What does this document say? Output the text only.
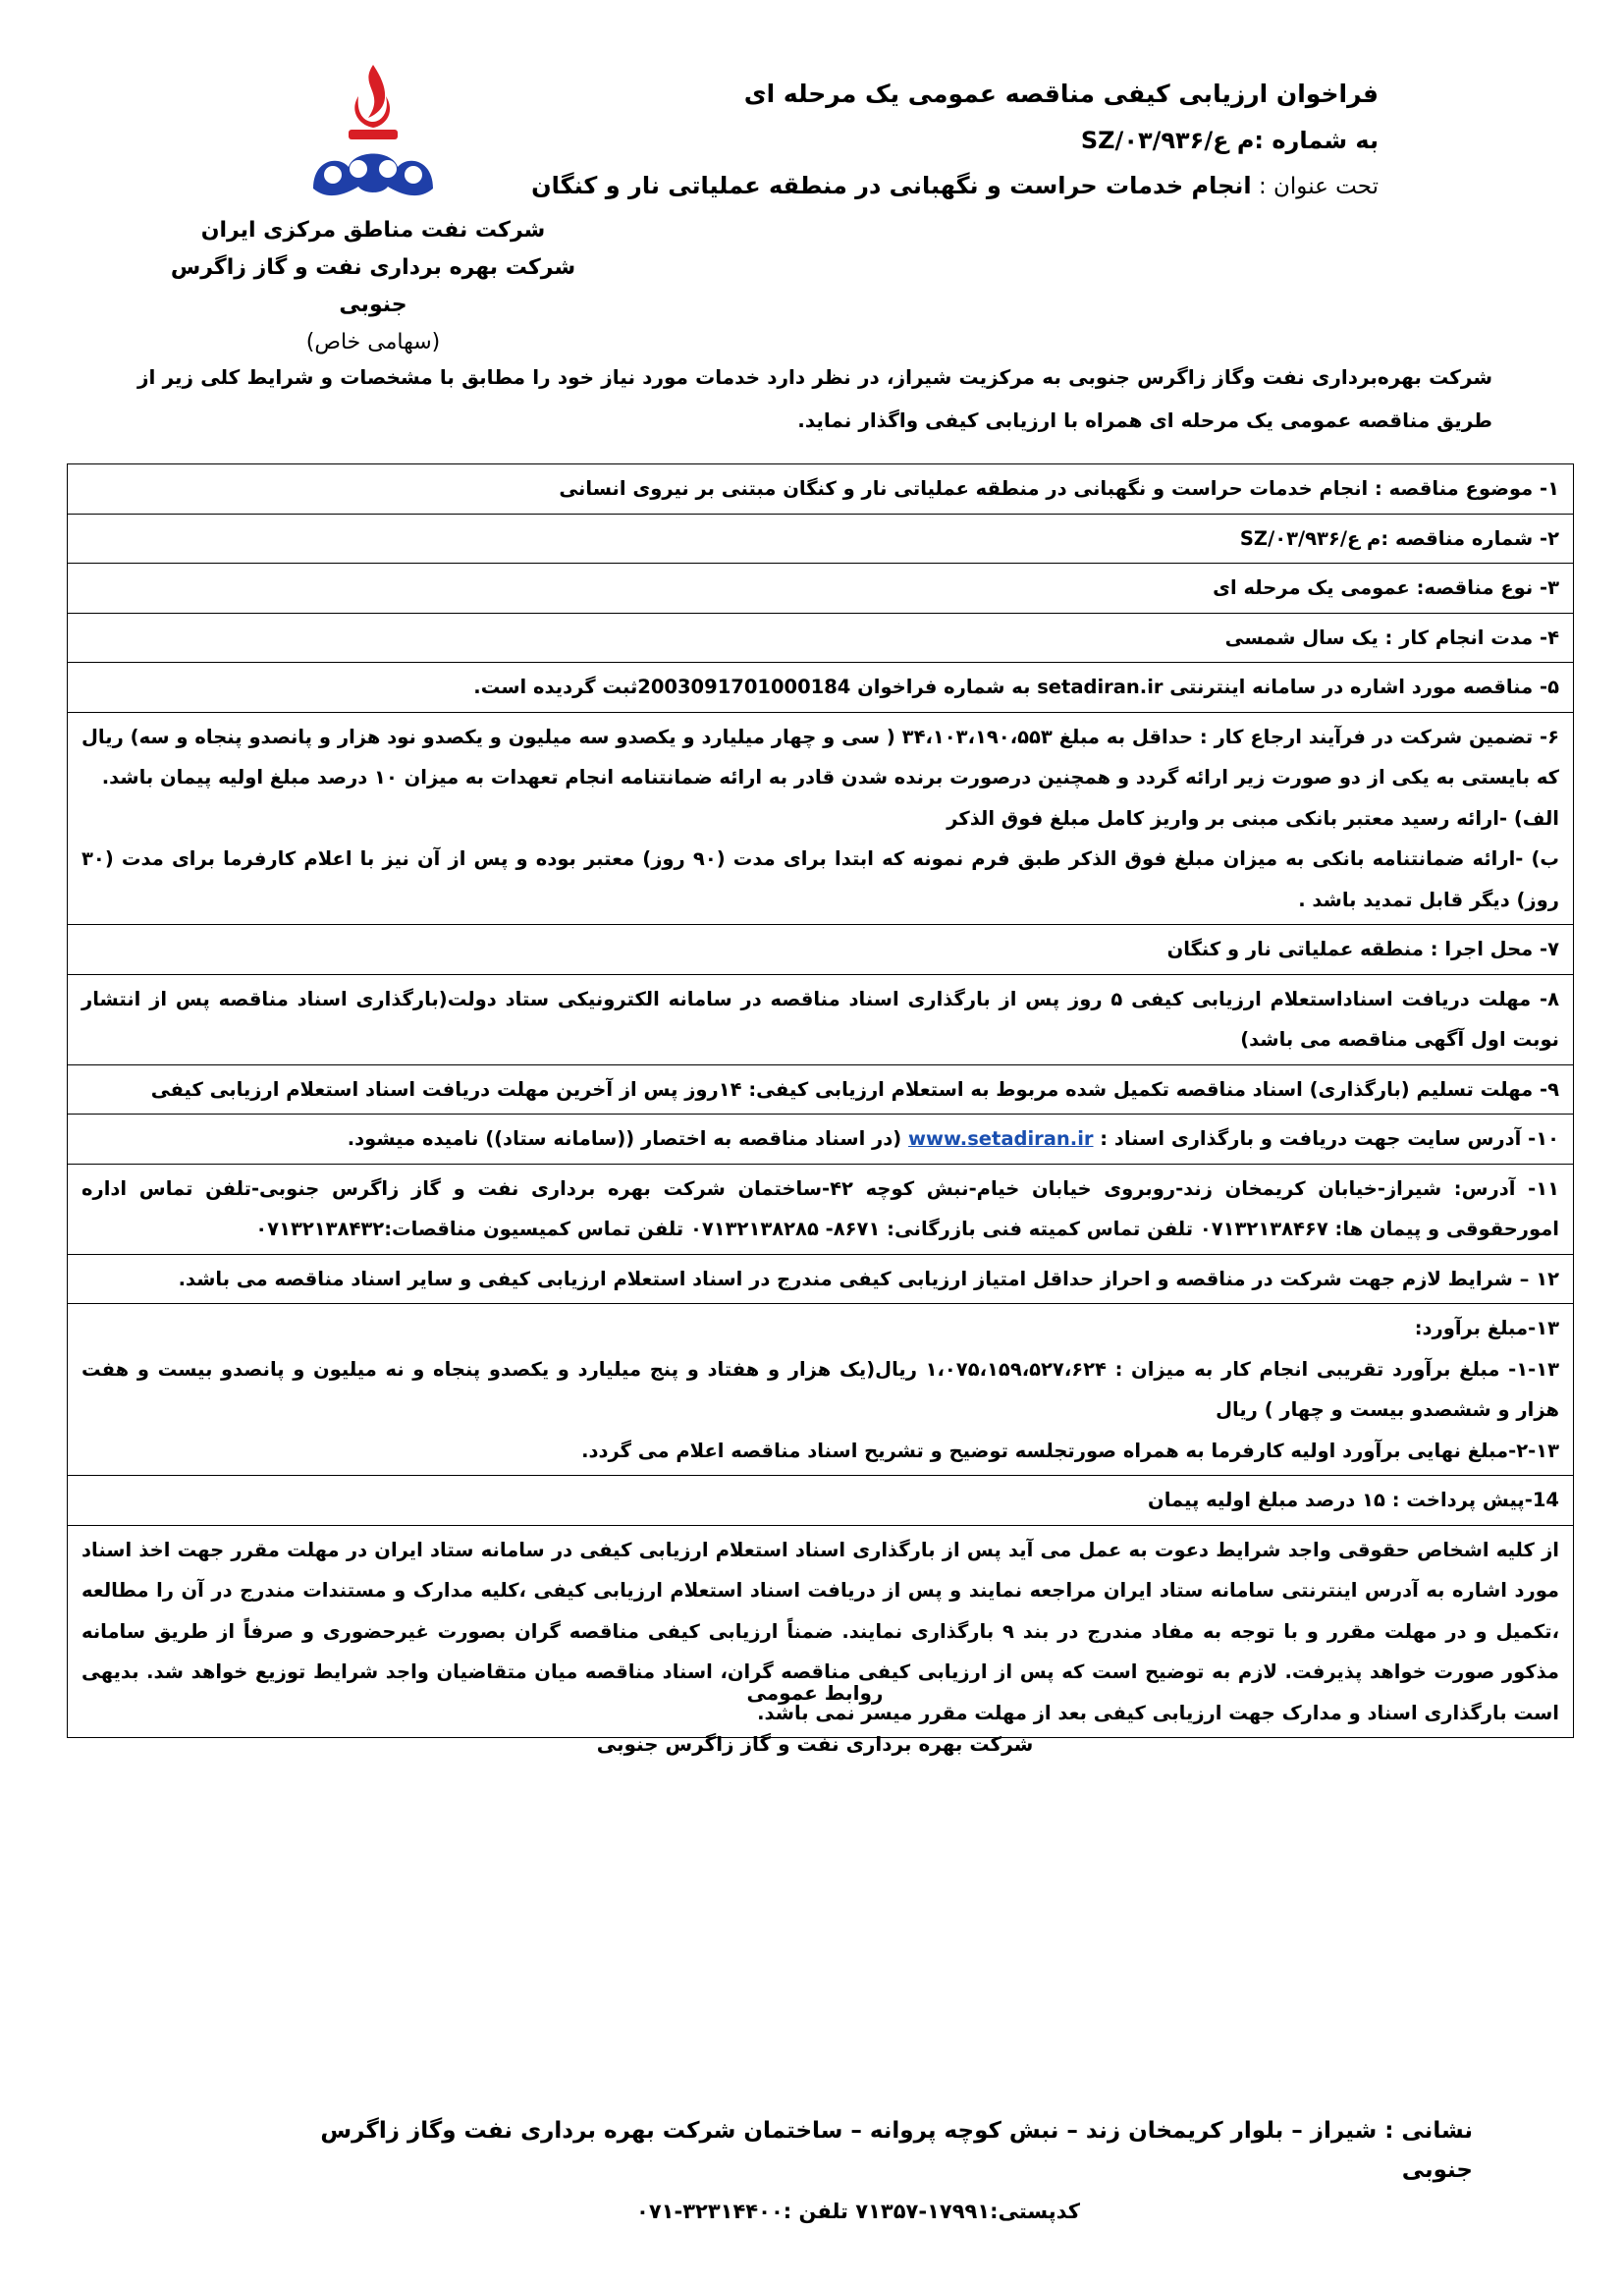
شرکت نفت مناطق مرکزی ایران
شرکت بهره برداری نفت و گاز زاگرس جنوبی
(سهامی خاص)
فراخوان ارزیابی کیفی مناقصه عمومی یک مرحله ای
به شماره :م ع/SZ/۰۳/۹۳۶
تحت عنوان : انجام خدمات حراست و نگهبانی در منطقه عملیاتی نار و کنگان
شرکت بهره‌برداری نفت وگاز زاگرس جنوبی به مرکزیت شیراز، در نظر دارد خدمات مورد نیاز خود را مطابق با مشخصات و شرایط کلی زیر از طریق مناقصه عمومی یک مرحله ای همراه با ارزیابی کیفی واگذار نماید.
۱- موضوع مناقصه : انجام خدمات حراست و نگهبانی در منطقه عملیاتی نار و کنگان مبتنی بر نیروی انسانی
۲- شماره مناقصه :م ع/SZ/۰۳/۹۳۶
۳- نوع مناقصه: عمومی یک مرحله ای
۴- مدت انجام کار : یک سال شمسی
۵- مناقصه مورد اشاره در سامانه اینترنتی setadiran.ir به شماره فراخوان 2003091701000184ثبت گردیده است.
۶- تضمین شرکت در فرآیند ارجاع کار : حداقل به مبلغ ۳۴،۱۰۳،۱۹۰،۵۵۳ ( سی و چهار میلیارد و یکصدو سه میلیون و یکصدو نود هزار و پانصدو پنجاه و سه) ریال که بایستی به یکی از دو صورت زیر ارائه گردد و همچنین درصورت برنده شدن قادر به ارائه ضمانتنامه انجام تعهدات به میزان ۱۰ درصد مبلغ اولیه پیمان باشد.
الف) -ارائه رسید معتبر بانکی مبنی بر واریز کامل مبلغ فوق الذکر
ب) -ارائه ضمانتنامه بانکی به میزان مبلغ فوق الذکر طبق فرم نمونه که ابتدا برای مدت (۹۰ روز) معتبر بوده و پس از آن نیز با اعلام کارفرما برای مدت (۳۰ روز) دیگر قابل تمدید باشد .
۷- محل اجرا : منطقه عملیاتی نار و کنگان
۸- مهلت دریافت اسناداستعلام ارزیابی کیفی ۵ روز پس از بارگذاری اسناد مناقصه در سامانه الکترونیکی ستاد دولت(بارگذاری اسناد مناقصه پس از انتشار نوبت اول آگهی مناقصه می باشد)
۹- مهلت تسلیم (بارگذاری) اسناد مناقصه تکمیل شده مربوط به استعلام ارزیابی کیفی: ۱۴روز پس از آخرین مهلت دریافت اسناد استعلام ارزیابی کیفی
۱۰- آدرس سایت جهت دریافت و بارگذاری اسناد : www.setadiran.ir (در اسناد مناقصه به اختصار ((سامانه ستاد)) نامیده میشود.
۱۱- آدرس: شیراز-خیابان کریمخان زند-روبروی خیابان خیام-نبش کوچه ۴۲-ساختمان شرکت بهره برداری نفت و گاز زاگرس جنوبی-تلفن تماس اداره امورحقوقی و پیمان ها: ۰۷۱۳۲۱۳۸۴۶۷ تلفن تماس کمیته فنی بازرگانی: ۸۶۷۱- ۰۷۱۳۲۱۳۸۲۸۵ تلفن تماس کمیسیون مناقصات:۰۷۱۳۲۱۳۸۴۳۲
۱۲ – شرایط لازم جهت شرکت در مناقصه و احراز حداقل امتیاز ارزیابی کیفی مندرج در اسناد استعلام ارزیابی کیفی و سایر اسناد مناقصه می باشد.
۱۳-مبلغ برآورد:
۱-۱۳- مبلغ برآورد تقریبی انجام کار به میزان : ۱،۰۷۵،۱۵۹،۵۲۷،۶۲۴ ریال(یک هزار و هفتاد و پنج میلیارد و یکصدو پنجاه و نه میلیون و پانصدو بیست و هفت هزار و ششصدو بیست و چهار ) ریال
۲-۱۳-مبلغ نهایی برآورد اولیه کارفرما به همراه صورتجلسه توضیح و تشریح اسناد مناقصه اعلام می گردد.
14-پیش پرداخت : ۱۵ درصد مبلغ اولیه پیمان
از کلیه اشخاص حقوقی واجد شرایط دعوت به عمل می آید پس از بارگذاری اسناد استعلام ارزیابی کیفی در سامانه ستاد ایران در مهلت مقرر جهت اخذ اسناد مورد اشاره به آدرس اینترنتی سامانه ستاد ایران مراجعه نمایند و پس از دریافت اسناد استعلام ارزیابی کیفی ،کلیه مدارک و مستندات مندرج در آن را مطالعه ،تکمیل و در مهلت مقرر و با توجه به مفاد مندرج در بند ۹ بارگذاری نمایند. ضمناً ارزیابی کیفی مناقصه گران بصورت غیرحضوری و صرفاً از طریق سامانه مذکور صورت خواهد پذیرفت. لازم به توضیح است که پس از ارزیابی کیفی مناقصه گران، اسناد مناقصه میان متقاضیان واجد شرایط توزیع خواهد شد. بدیهی است بارگذاری اسناد و مدارک جهت ارزیابی کیفی بعد از مهلت مقرر میسر نمی باشد.
روابط عمومی
شرکت بهره برداری نفت و گاز زاگرس جنوبی
نشانی : شیراز – بلوار کریمخان زند – نبش کوچه پروانه – ساختمان شرکت بهره برداری نفت وگاز زاگرس جنوبی
کدپستی:۱۷۹۹۱-۷۱۳۵۷ تلفن :۳۲۳۱۴۴۰۰-۰۷۱
